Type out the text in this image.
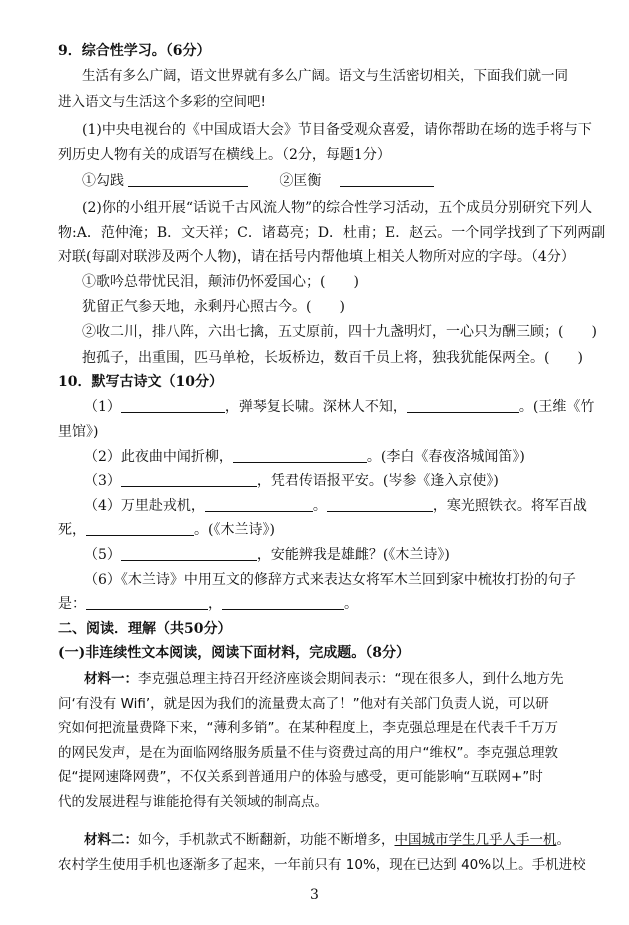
9．综合性学习。（6分）
生活有多么广阔，语文世界就有多么广阔。语文与生活密切相关，下面我们就一同
进入语文与生活这个多彩的空间吧!
(1)中央电视台的《中国成语大会》节目备受观众喜爱，请你帮助在场的选手将与下
列历史人物有关的成语写在横线上。（2分，每题1分）
①勾践	②匡衡
(2)你的小组开展“话说千古风流人物”的综合性学习活动，五个成员分别研究下列人
物:A．范仲淹；B．文天祥；C．诸葛亮；D．杜甫；E．赵云。一个同学找到了下列两副
对联(每副对联涉及两个人物)，请在括号内帮他填上相关人物所对应的字母。（4分）
①歌吟总带忧民泪，颠沛仍怀爱国心；(　　)
犹留正气参天地，永剩丹心照古今。(　　)
②收二川，排八阵，六出七擒，五丈原前，四十九盏明灯，一心只为酬三顾；(　　)
抱孤子，出重围，匹马单枪，长坂桥边，数百千员上将，独我犹能保两全。(　　)
10．默写古诗文（10分）
（1）	，弹琴复长啸。深林人不知，	。(王维《竹
里馆》)
（2）此夜曲中闻折柳，	。(李白《春夜洛城闻笛》)
（3）	，凭君传语报平安。(岑参《逢入京使》)
（4）万里赴戎机，	。	，寒光照铁衣。将军百战
死，	。(《木兰诗》)
（5）	，安能辨我是雄雌？(《木兰诗》)
（6）《木兰诗》中用互文的修辞方式来表达女将军木兰回到家中梳妆打扮的句子
是：	，	。
二、阅读．理解（共50分）
(一)非连续性文本阅读，阅读下面材料，完成题。（8分）
材料一：李克强总理主持召开经济座谈会期间表示：“现在很多人，到什么地方先
问‘有没有 Wifi’，就是因为我们的流量费太高了！”他对有关部门负责人说，可以研
究如何把流量费降下来，“薄利多销”。在某种程度上，李克强总理是在代表千千万万
的网民发声，是在为面临网络服务质量不佳与资费过高的用户“维权”。李克强总理敦
促“提网速降网费”，不仅关系到普通用户的体验与感受，更可能影响“互联网+”时
代的发展进程与谁能抢得有关领域的制高点。
材料二：如今，手机款式不断翻新，功能不断增多，中国城市学生几乎人手一机。
农村学生使用手机也逐渐多了起来，一年前只有 10%，现在已达到 40%以上。手机进校
3
